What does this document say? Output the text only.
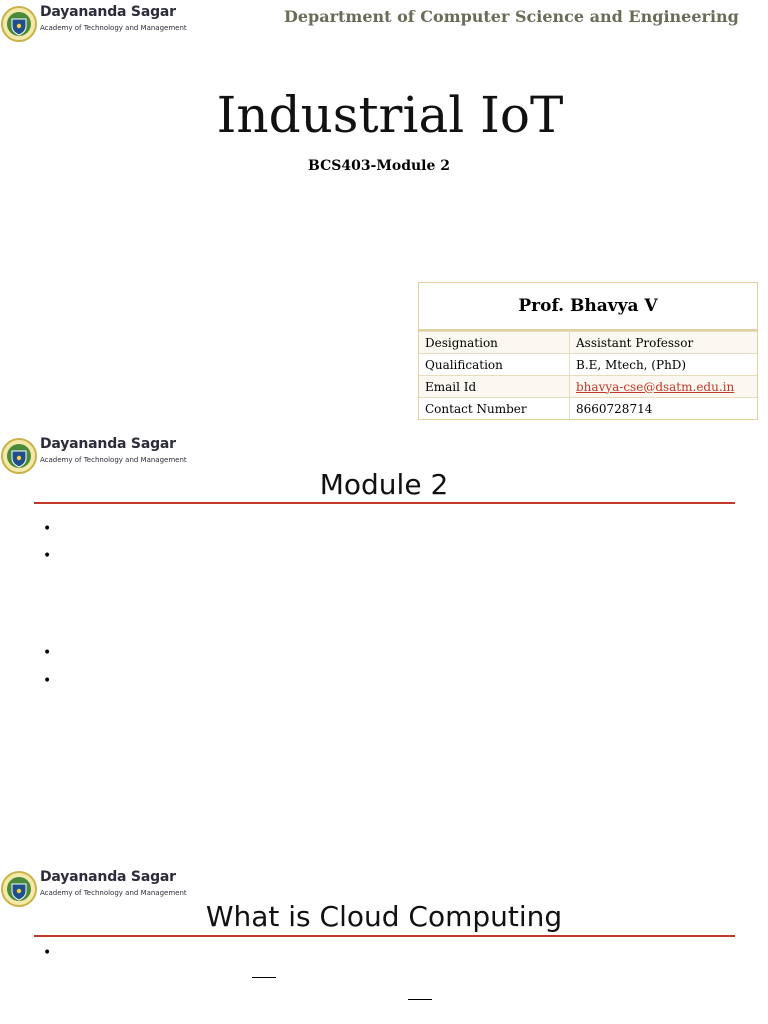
Dayananda Sagar
Academy of Technology and Management
Department of Computer Science and Engineering
Industrial IoT
BCS403-Module 2
Prof. Bhavya V
Designation	Assistant Professor
Qualification	B.E, Mtech, (PhD)
Email Id	bhavya-cse@dsatm.edu.in
Contact Number	8660728714
Dayananda Sagar
Academy of Technology and Management
Module 2
•
•
•
•
Dayananda Sagar
Academy of Technology and Management
What is Cloud Computing
•
